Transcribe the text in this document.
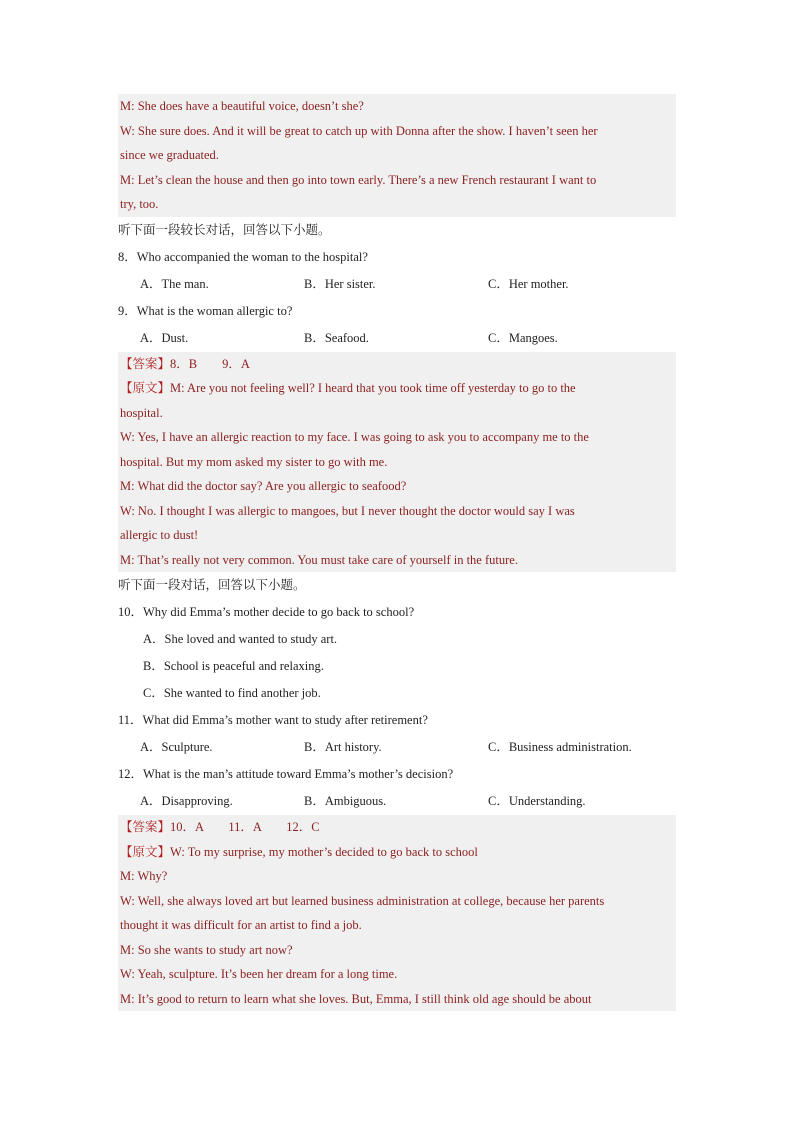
M: She does have a beautiful voice, doesn’t she?
W: She sure does. And it will be great to catch up with Donna after the show. I haven’t seen her
since we graduated.
M: Let’s clean the house and then go into town early. There’s a new French restaurant I want to
try, too.
听下面一段较长对话，回答以下小题。
8．Who accompanied the woman to the hospital?
A．The man.	B．Her sister.	C．Her mother.
9．What is the woman allergic to?
A．Dust.	B．Seafood.	C．Mangoes.
【答案】8．B        9．A
【原文】M: Are you not feeling well? I heard that you took time off yesterday to go to the
hospital.
W: Yes, I have an allergic reaction to my face. I was going to ask you to accompany me to the
hospital. But my mom asked my sister to go with me.
M: What did the doctor say? Are you allergic to seafood?
W: No. I thought I was allergic to mangoes, but I never thought the doctor would say I was
allergic to dust!
M: That’s really not very common. You must take care of yourself in the future.
听下面一段对话，回答以下小题。
10．Why did Emma’s mother decide to go back to school?
A．She loved and wanted to study art.
B．School is peaceful and relaxing.
C．She wanted to find another job.
11．What did Emma’s mother want to study after retirement?
A．Sculpture.	B．Art history.	C．Business administration.
12．What is the man’s attitude toward Emma’s mother’s decision?
A．Disapproving.	B．Ambiguous.	C．Understanding.
【答案】10．A        11．A        12．C
【原文】W: To my surprise, my mother’s decided to go back to school
M: Why?
W: Well, she always loved art but learned business administration at college, because her parents
thought it was difficult for an artist to find a job.
M: So she wants to study art now?
W: Yeah, sculpture. It’s been her dream for a long time.
M: It’s good to return to learn what she loves. But, Emma, I still think old age should be about
